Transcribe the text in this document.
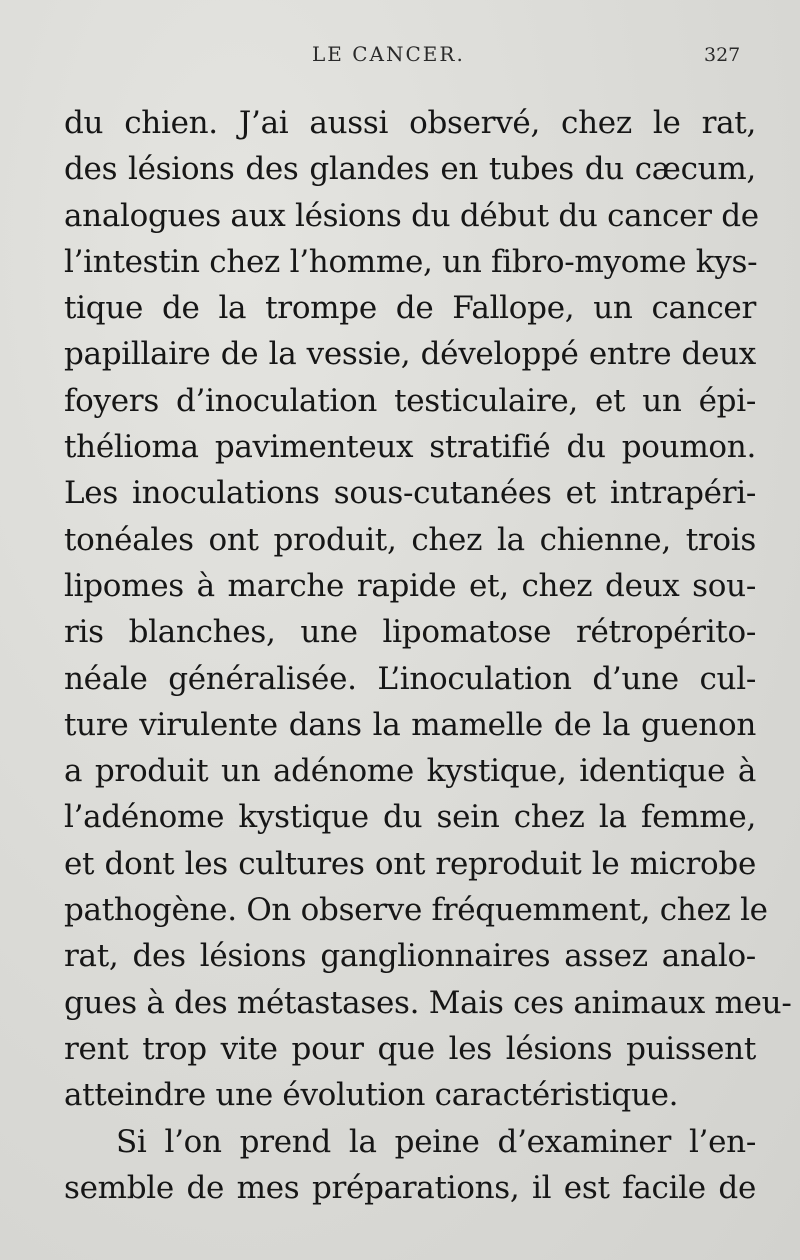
LE CANCER.	327
du chien. J’ai aussi observé, chez le rat,
des lésions des glandes en tubes du cæcum,
analogues aux lésions du début du cancer de
l’intestin chez l’homme, un fibro-myome kys-
tique de la trompe de Fallope, un cancer
papillaire de la vessie, développé entre deux
foyers d’inoculation testiculaire, et un épi-
thélioma pavimenteux stratifié du poumon.
Les inoculations sous-cutanées et intrapéri-
tonéales ont produit, chez la chienne, trois
lipomes à marche rapide et, chez deux sou-
ris blanches, une lipomatose rétropérito-
néale généralisée. L’inoculation d’une cul-
ture virulente dans la mamelle de la guenon
a produit un adénome kystique, identique à
l’adénome kystique du sein chez la femme,
et dont les cultures ont reproduit le microbe
pathogène. On observe fréquemment, chez le
rat, des lésions ganglionnaires assez analo-
gues à des métastases. Mais ces animaux meu-
rent trop vite pour que les lésions puissent
atteindre une évolution caractéristique.
Si l’on prend la peine d’examiner l’en-
semble de mes préparations, il est facile de
